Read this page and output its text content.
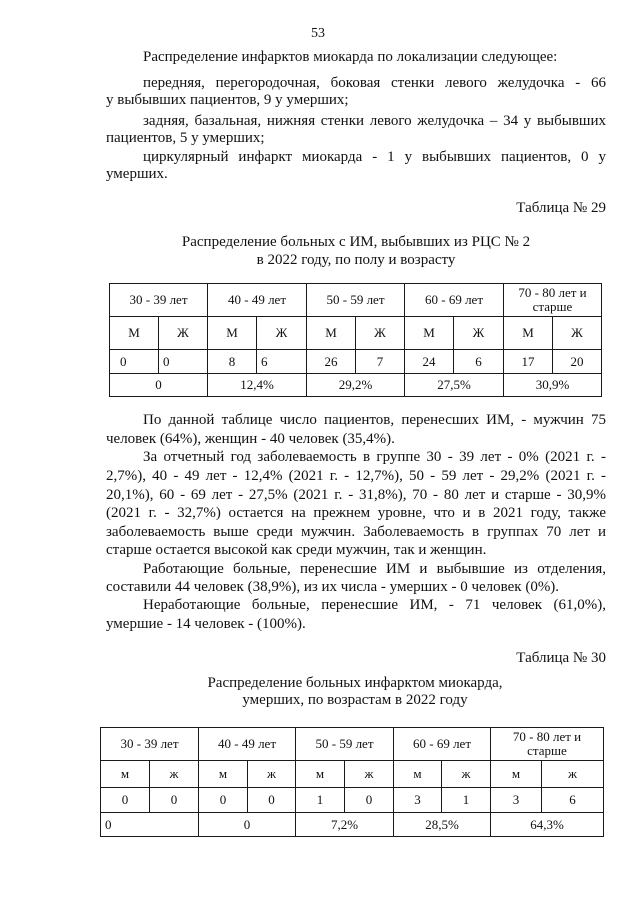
53
Распределение инфарктов миокарда по локализации следующее:
передняя, перегородочная, боковая стенки левого желудочка - 66
у выбывших пациентов, 9 у умерших;
задняя, базальная, нижняя стенки левого желудочка – 34 у выбывших
пациентов, 5 у умерших;
циркулярный инфаркт миокарда - 1 у выбывших пациентов, 0 у
умерших.
Таблица № 29
Распределение больных с ИМ, выбывших из РЦС № 2
в 2022 году, по полу и возрасту
30 - 39 лет		40 - 49 лет		50 - 59 лет		60 - 69 лет		70 - 80 лет и старше	
М	Ж	М	Ж	М	Ж	М	Ж	М	Ж
0	0	8	6	26	7	24	6	17	20
0		12,4%		29,2%		27,5%		30,9%	
По данной таблице число пациентов, перенесших ИМ, - мужчин 75
человек (64%), женщин - 40 человек (35,4%).
За отчетный год заболеваемость в группе 30 - 39 лет - 0% (2021 г. -
2,7%), 40 - 49 лет - 12,4% (2021 г. - 12,7%), 50 - 59 лет - 29,2% (2021 г. -
20,1%), 60 - 69 лет - 27,5% (2021 г. - 31,8%), 70 - 80 лет и старше - 30,9%
(2021 г. - 32,7%) остается на прежнем уровне, что и в 2021 году, также
заболеваемость выше среди мужчин. Заболеваемость в группах 70 лет и
старше остается высокой как среди мужчин, так и женщин.
Работающие больные, перенесшие ИМ и выбывшие из отделения,
составили 44 человек (38,9%), из их числа - умерших - 0 человек (0%).
Неработающие больные, перенесшие ИМ, - 71 человек (61,0%),
умершие - 14 человек - (100%).
Таблица № 30
Распределение больных инфарктом миокарда,
умерших, по возрастам в 2022 году
30 - 39 лет		40 - 49 лет		50 - 59 лет		60 - 69 лет		70 - 80 лет и старше	
м	ж	м	ж	м	ж	м	ж	м	ж
0	0	0	0	1	0	3	1	3	6
0		0		7,2%		28,5%		64,3%	
